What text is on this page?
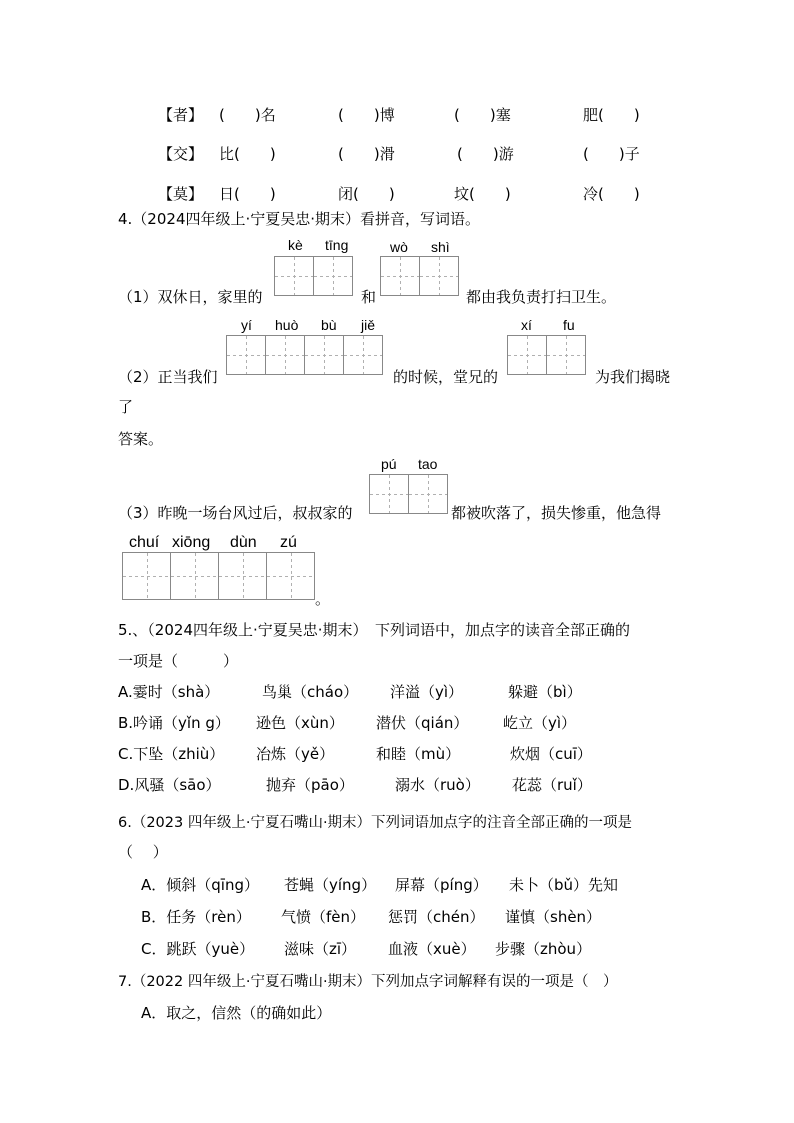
【者】 (　　)名	(　　)博	(　　)塞	肥(　　)
【交】 比(　　)	(　　)滑	(　　)游	(　　)子
【莫】 日(　　)	闭(　　)	坟(　　)	冷(　　)
4.（2024四年级上·宁夏吴忠·期末）看拼音，写词语。
kè tīng	wò shì
（1）双休日，家里的	和	都由我负责打扫卫生。
yí huò bù jiě	xí fu
（2）正当我们	的时候，堂兄的	为我们揭晓
了
答案。
pú tao
（3）昨晚一场台风过后，叔叔家的	都被吹落了，损失惨重，他急得
chuí xiōng dùn zú
。
5.、（2024四年级上·宁夏吴忠·期末）　下列词语中，加点字的读音全部正确的
一项是（　　　）
A.霎时（shà）	鸟巢（cháo） 洋溢（yì）	躲避（bì）
B.吟诵（yǐn g） 逊色（xùn） 潜伏（qián） 屹立（yì）
C.下坠（zhiù） 冶炼（yě）	和睦（mù）	炊烟（cuī）
D.风骚（sāo）	抛弃（pāo）	溺水（ruò） 花蕊（ruǐ）
6.（2023 四年级上·宁夏石嘴山·期末）下列词语加点字的注音全部正确的一项是
（　 ）
A．倾斜（qīng） 苍蝇（yíng） 屏幕（píng） 未卜（bǔ）先知
B．任务（rèn） 气愤（fèn） 惩罚（chén） 谨慎（shèn）
C．跳跃（yuè） 滋味（zī） 血液（xuè） 步骤（zhòu）
7.（2022 四年级上·宁夏石嘴山·期末）下列加点字词解释有误的一项是（　）
A．取之，信然（的确如此）
